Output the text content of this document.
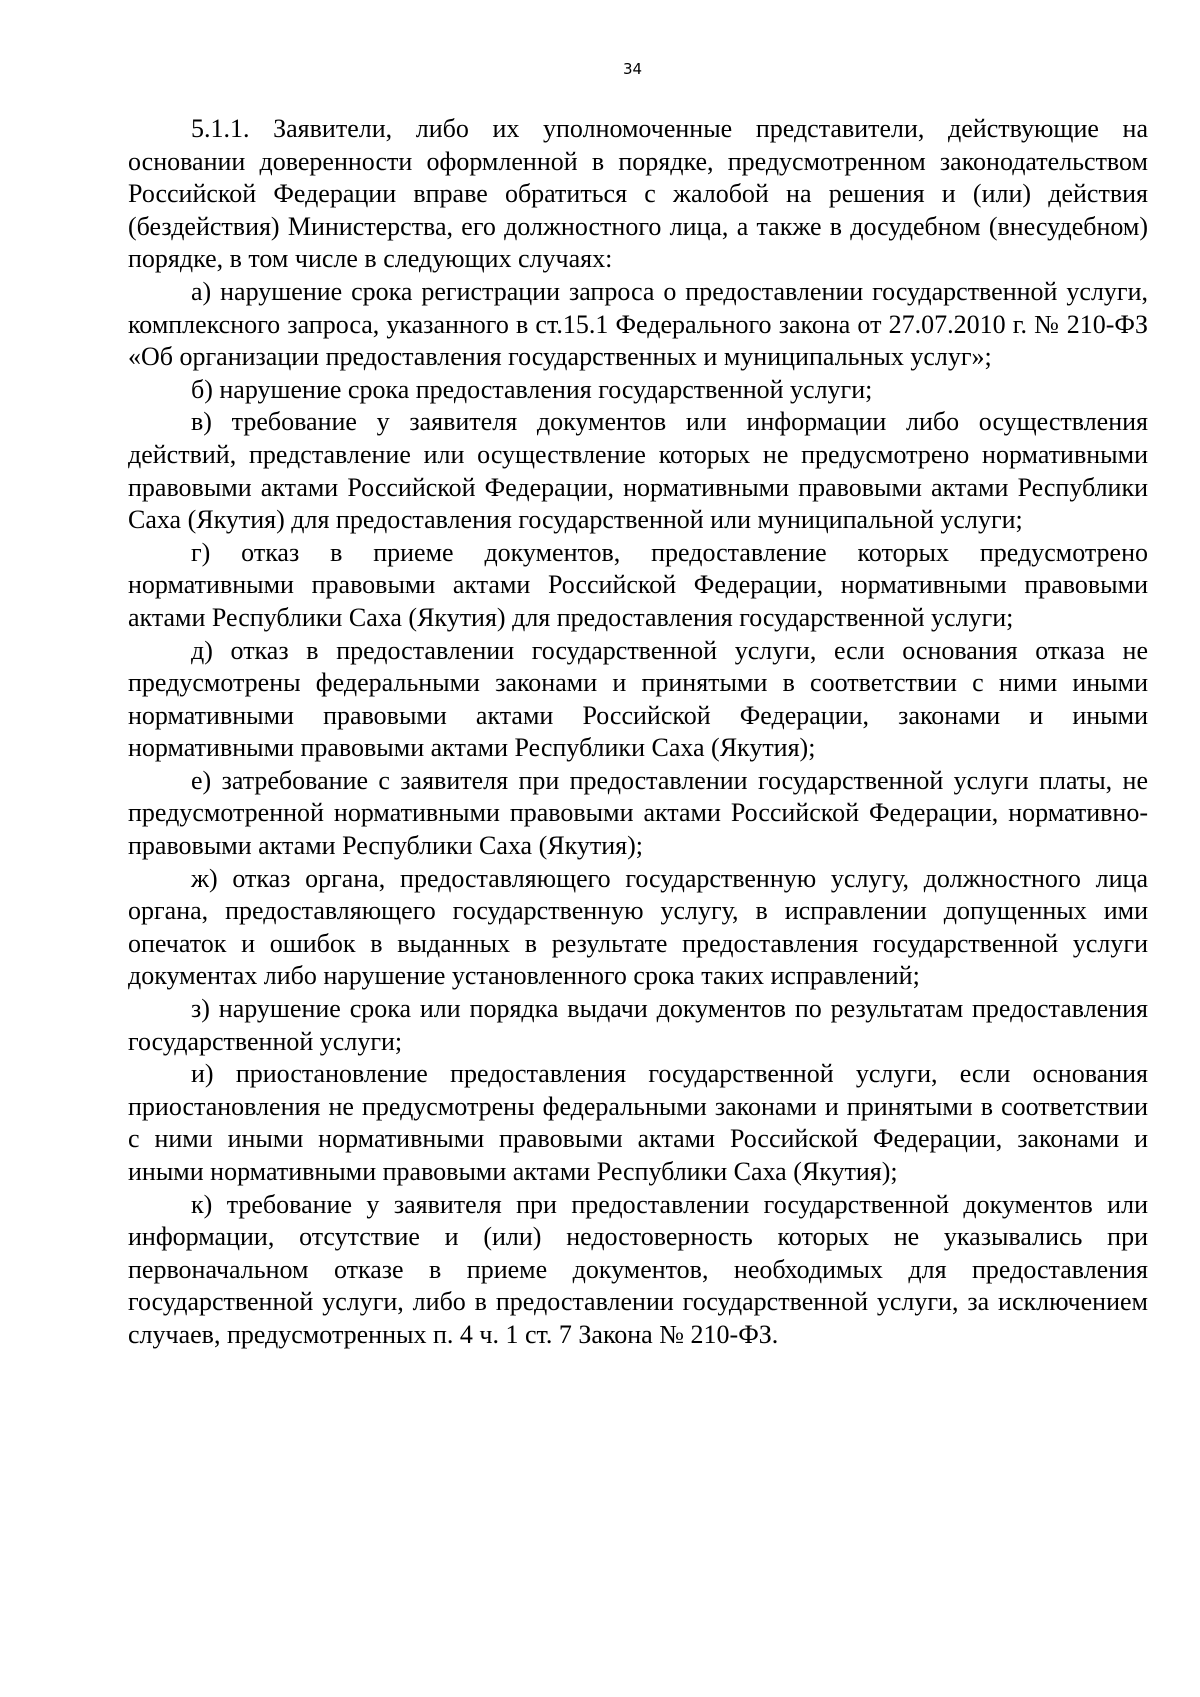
34

5.1.1. Заявители, либо их уполномоченные представители, действующие на основании доверенности оформленной в порядке, предусмотренном законодательством Российской Федерации вправе обратиться с жалобой на решения и (или) действия (бездействия) Министерства, его должностного лица, а также в досудебном (внесудебном) порядке, в том числе в следующих случаях:

а) нарушение срока регистрации запроса о предоставлении государственной услуги, комплексного запроса, указанного в ст.15.1 Федерального закона от 27.07.2010 г. № 210-ФЗ «Об организации предоставления государственных и муниципальных услуг»;

б) нарушение срока предоставления государственной услуги;

в) требование у заявителя документов или информации либо осуществления действий, представление или осуществление которых не предусмотрено нормативными правовыми актами Российской Федерации, нормативными правовыми актами Республики Саха (Якутия) для предоставления государственной или муниципальной услуги;

г) отказ в приеме документов, предоставление которых предусмотрено нормативными правовыми актами Российской Федерации, нормативными правовыми актами Республики Саха (Якутия) для предоставления государственной услуги;

д) отказ в предоставлении государственной услуги, если основания отказа не предусмотрены федеральными законами и принятыми в соответствии с ними иными нормативными правовыми актами Российской Федерации, законами и иными нормативными правовыми актами Республики Саха (Якутия);

е) затребование с заявителя при предоставлении государственной услуги платы, не предусмотренной нормативными правовыми актами Российской Федерации, нормативно-правовыми актами Республики Саха (Якутия);

ж) отказ органа, предоставляющего государственную услугу, должностного лица органа, предоставляющего государственную услугу, в исправлении допущенных ими опечаток и ошибок в выданных в результате предоставления государственной услуги документах либо нарушение установленного срока таких исправлений;

з) нарушение срока или порядка выдачи документов по результатам предоставления государственной услуги;

и) приостановление предоставления государственной услуги, если основания приостановления не предусмотрены федеральными законами и принятыми в соответствии с ними иными нормативными правовыми актами Российской Федерации, законами и иными нормативными правовыми актами Республики Саха (Якутия);

к) требование у заявителя при предоставлении государственной документов или информации, отсутствие и (или) недостоверность которых не указывались при первоначальном отказе в приеме документов, необходимых для предоставления государственной услуги, либо в предоставлении государственной услуги, за исключением случаев, предусмотренных п. 4 ч. 1 ст. 7 Закона № 210-ФЗ.
